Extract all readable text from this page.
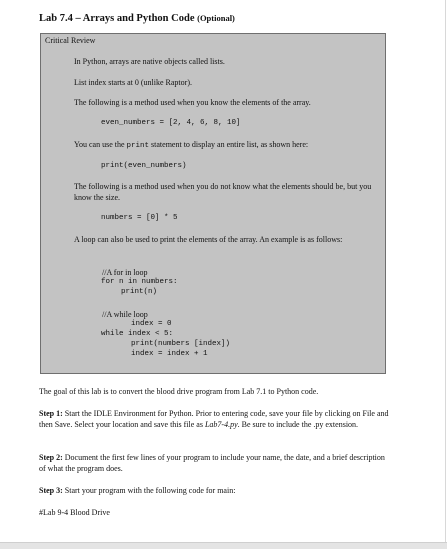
Lab 7.4 – Arrays and Python Code (Optional)
Critical Review
In Python, arrays are native objects called lists.
List index starts at 0 (unlike Raptor).
The following is a method used when you know the elements of the array.
even_numbers = [2, 4, 6, 8, 10]
You can use the print statement to display an entire list, as shown here:
print(even_numbers)
The following is a method used when you do not know what the elements should be, but you know the size.
numbers = [0] * 5
A loop can also be used to print the elements of the array. An example is as follows:
//A for in loop
for n in numbers:
print(n)
//A while loop
index = 0
while index < 5:
print(numbers [index])
index = index + 1
The goal of this lab is to convert the blood drive program from Lab 7.1 to Python code.
Step 1: Start the IDLE Environment for Python. Prior to entering code, save your file by clicking on File and then Save. Select your location and save this file as Lab7-4.py. Be sure to include the .py extension.
Step 2: Document the first few lines of your program to include your name, the date, and a brief description of what the program does.
Step 3: Start your program with the following code for main:
#Lab 9-4 Blood Drive
